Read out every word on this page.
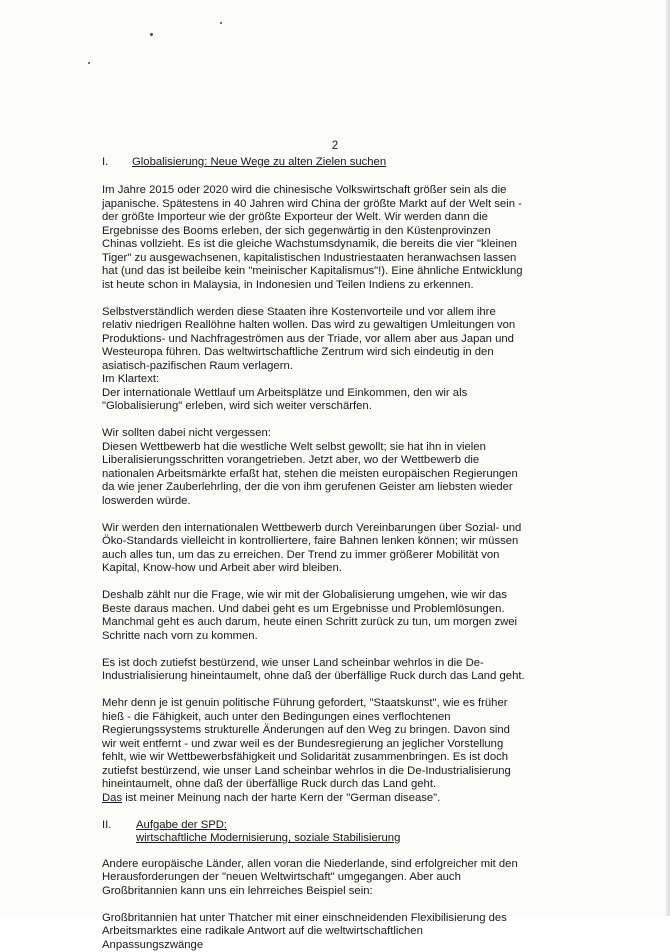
2
I. Globalisierung: Neue Wege zu alten Zielen suchen

Im Jahre 2015 oder 2020 wird die chinesische Volkswirtschaft größer sein als die japanische. Spätestens in 40 Jahren wird China der größte Markt auf der Welt sein - der größte Importeur wie der größte Exporteur der Welt. Wir werden dann die Ergebnisse des Booms erleben, der sich gegenwärtig in den Küstenprovinzen Chinas vollzieht. Es ist die gleiche Wachstumsdynamik, die bereits die vier "kleinen Tiger" zu ausgewachsenen, kapitalistischen Industriestaaten heranwachsen lassen hat (und das ist beileibe kein "meinischer Kapitalismus"!). Eine ähnliche Entwicklung ist heute schon in Malaysia, in Indonesien und Teilen Indiens zu erkennen.

Selbstverständlich werden diese Staaten ihre Kostenvorteile und vor allem ihre relativ niedrigen Reallöhne halten wollen. Das wird zu gewaltigen Umleitungen von Produktions- und Nachfrageströmen aus der Triade, vor allem aber aus Japan und Westeuropa führen. Das weltwirtschaftliche Zentrum wird sich eindeutig in den asiatisch-pazifischen Raum verlagern.

Im Klartext:

Der internationale Wettlauf um Arbeitsplätze und Einkommen, den wir als "Globalisierung" erleben, wird sich weiter verschärfen.

Wir sollten dabei nicht vergessen:

Diesen Wettbewerb hat die westliche Welt selbst gewollt; sie hat ihn in vielen Liberalisierungsschritten vorangetrieben. Jetzt aber, wo der Wettbewerb die nationalen Arbeitsmärkte erfaßt hat, stehen die meisten europäischen Regierungen da wie jener Zauberlehrling, der die von ihm gerufenen Geister am liebsten wieder loswerden würde.

Wir werden den internationalen Wettbewerb durch Vereinbarungen über Sozial- und Öko-Standards vielleicht in kontrolliertere, faire Bahnen lenken können; wir müssen auch alles tun, um das zu erreichen. Der Trend zu immer größerer Mobilität von Kapital, Know-how und Arbeit aber wird bleiben.

Deshalb zählt nur die Frage, wie wir mit der Globalisierung umgehen, wie wir das Beste daraus machen. Und dabei geht es um Ergebnisse und Problemlösungen. Manchmal geht es auch darum, heute einen Schritt zurück zu tun, um morgen zwei Schritte nach vorn zu kommen.

Es ist doch zutiefst bestürzend, wie unser Land scheinbar wehrlos in die De-Industrialisierung hineintaumelt, ohne daß der überfällige Ruck durch das Land geht.

Mehr denn je ist genuin politische Führung gefordert, "Staatskunst", wie es früher hieß - die Fähigkeit, auch unter den Bedingungen eines verflochtenen Regierungssystems strukturelle Änderungen auf den Weg zu bringen. Davon sind wir weit entfernt - und zwar weil es der Bundesregierung an jeglicher Vorstellung fehlt, wie wir Wettbewerbsfähigkeit und Solidarität zusammenbringen. Es ist doch zutiefst bestürzend, wie unser Land scheinbar wehrlos in die De-Industrialisierung hineintaumelt, ohne daß der überfällige Ruck durch das Land geht.

Das ist meiner Meinung nach der harte Kern der "German disease".

II. Aufgabe der SPD:
wirtschaftliche Modernisierung, soziale Stabilisierung

Andere europäische Länder, allen voran die Niederlande, sind erfolgreicher mit den Herausforderungen der "neuen Weltwirtschaft" umgegangen. Aber auch Großbritannien kann uns ein lehrreiches Beispiel sein:

Großbritannien hat unter Thatcher mit einer einschneidenden Flexibilisierung des Arbeitsmarktes eine radikale Antwort auf die weltwirtschaftlichen Anpassungszwänge
